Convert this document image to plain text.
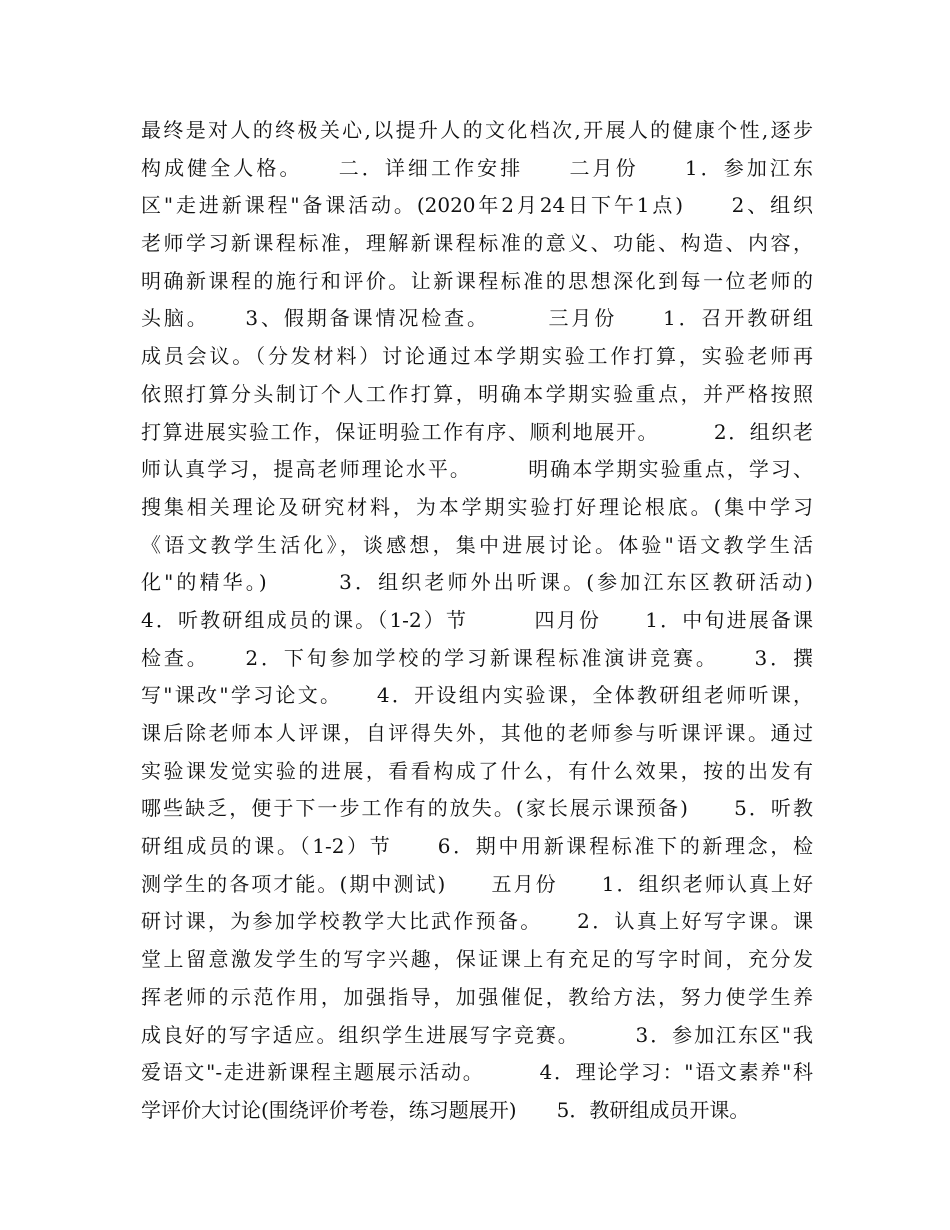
最终是对人的终极关心,以提升人的文化档次,开展人的健康个性,逐步
构成健全人格。　　二．详细工作安排　　二月份　　1．参加江东
区"走进新课程"备课活动。(2020年2月24日下午1点)　　2、组织
老师学习新课程标准，理解新课程标准的意义、功能、构造、内容，
明确新课程的施行和评价。让新课程标准的思想深化到每一位老师的
头脑。　　3、假期备课情况检查。　　　三月份　　1．召开教研组
成员会议。（分发材料）讨论通过本学期实验工作打算，实验老师再
依照打算分头制订个人工作打算，明确本学期实验重点，并严格按照
打算进展实验工作，保证明验工作有序、顺利地展开。　　　2．组织老
师认真学习，提高老师理论水平。　　　明确本学期实验重点，学习、
搜集相关理论及研究材料，为本学期实验打好理论根底。(集中学习
《语文教学生活化》，谈感想，集中进展讨论。体验"语文教学生活
化"的精华。)　　　3．组织老师外出听课。(参加江东区教研活动)
4．听教研组成员的课。（1-2）节　　　四月份　　1．中旬进展备课
检查。　　2．下旬参加学校的学习新课程标准演讲竞赛。　　3．撰
写"课改"学习论文。　　4．开设组内实验课，全体教研组老师听课，
课后除老师本人评课，自评得失外，其他的老师参与听课评课。通过
实验课发觉实验的进展，看看构成了什么，有什么效果，按的出发有
哪些缺乏，便于下一步工作有的放失。(家长展示课预备)　　5．听教
研组成员的课。（1-2）节　　6．期中用新课程标准下的新理念，检
测学生的各项才能。(期中测试)　　五月份　　1．组织老师认真上好
研讨课，为参加学校教学大比武作预备。　　2．认真上好写字课。课
堂上留意激发学生的写字兴趣，保证课上有充足的写字时间，充分发
挥老师的示范作用，加强指导，加强催促，教给方法，努力使学生养
成良好的写字适应。组织学生进展写字竞赛。　　　3．参加江东区"我
爱语文"-走进新课程主题展示活动。　　　4．理论学习："语文素养"科
学评价大讨论(围绕评价考卷，练习题展开)　　5．教研组成员开课。
